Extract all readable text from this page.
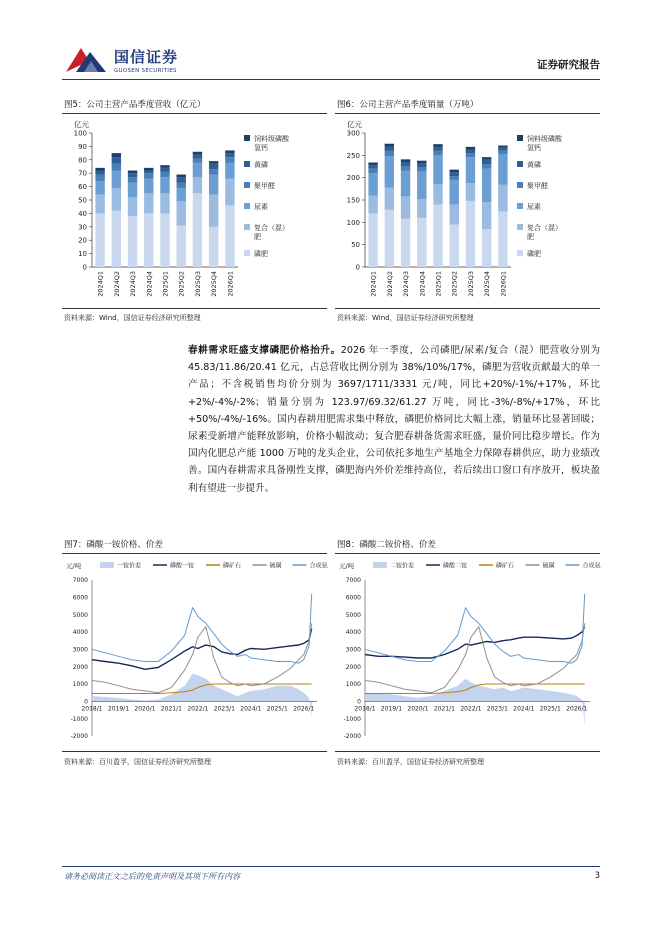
国信证券
GUOSEN SECURITIES	证券研究报告
图5：公司主营产品季度营收（亿元）
亿元
0
10
20
30
40
50
60
70
80
90
100
2024Q1 2024Q2 2024Q3 2024Q4 2025Q1 2025Q2 2025Q3 2025Q4 2026Q1
饲料级磷酸
氢钙
黄磷
聚甲醛
尿素
复合（混）
肥
磷肥
资料来源：Wind，国信证券经济研究所整理
图6：公司主营产品季度销量（万吨）
亿元
0
50
100
150
200
250
300
2024Q1 2024Q2 2024Q3 2024Q4 2025Q1 2025Q2 2025Q3 2025Q4 2026Q1
饲料级磷酸
氢钙
黄磷
聚甲醛
尿素
复合（混）
肥
磷肥
资料来源：Wind，国信证券经济研究所整理
春耕需求旺盛支撑磷肥价格抬升。2026 年一季度，公司磷肥/尿素/复合（混）肥营收分别为 45.83/11.86/20.41 亿元，占总营收比例分别为 38%/10%/17%，磷肥为营收贡献最大的单一产品；不含税销售均价分别为 3697/1711/3331 元/吨，同比+20%/-1%/+17%，环比+2%/-4%/-2%；销量分别为 123.97/69.32/61.27 万吨，同比-3%/-8%/+17%，环比+50%/-4%/-16%。国内春耕用肥需求集中释放，磷肥价格同比大幅上涨，销量环比显著回暖；尿素受新增产能释放影响，价格小幅波动；复合肥春耕备货需求旺盛，量价同比稳步增长。作为国内化肥总产能 1000 万吨的龙头企业，公司依托多地生产基地全力保障春耕供应，助力业绩改善。国内春耕需求具备刚性支撑，磷肥海内外价差维持高位，若后续出口窗口有序放开，板块盈利有望进一步提升。
图7：磷酸一铵价格、价差
元/吨	一铵价差	磷酸一铵	磷矿石	硫磺	合成氨
-2000
-1000
0
1000
2000
3000
4000
5000
6000
7000
2018/1 2019/1 2020/1 2021/1 2022/1 2023/1 2024/1 2025/1 2026/1
资料来源：百川盈孚，国信证券经济研究所整理
图8：磷酸二铵价格、价差
元/吨	二铵价差	磷酸二铵	磷矿石	硫磺	合成氨
-2000
-1000
0
1000
2000
3000
4000
5000
6000
7000
2018/1 2019/1 2020/1 2021/1 2022/1 2023/1 2024/1 2025/1 2026/1
资料来源：百川盈孚，国信证券经济研究所整理
请务必阅读正文之后的免责声明及其项下所有内容	3
